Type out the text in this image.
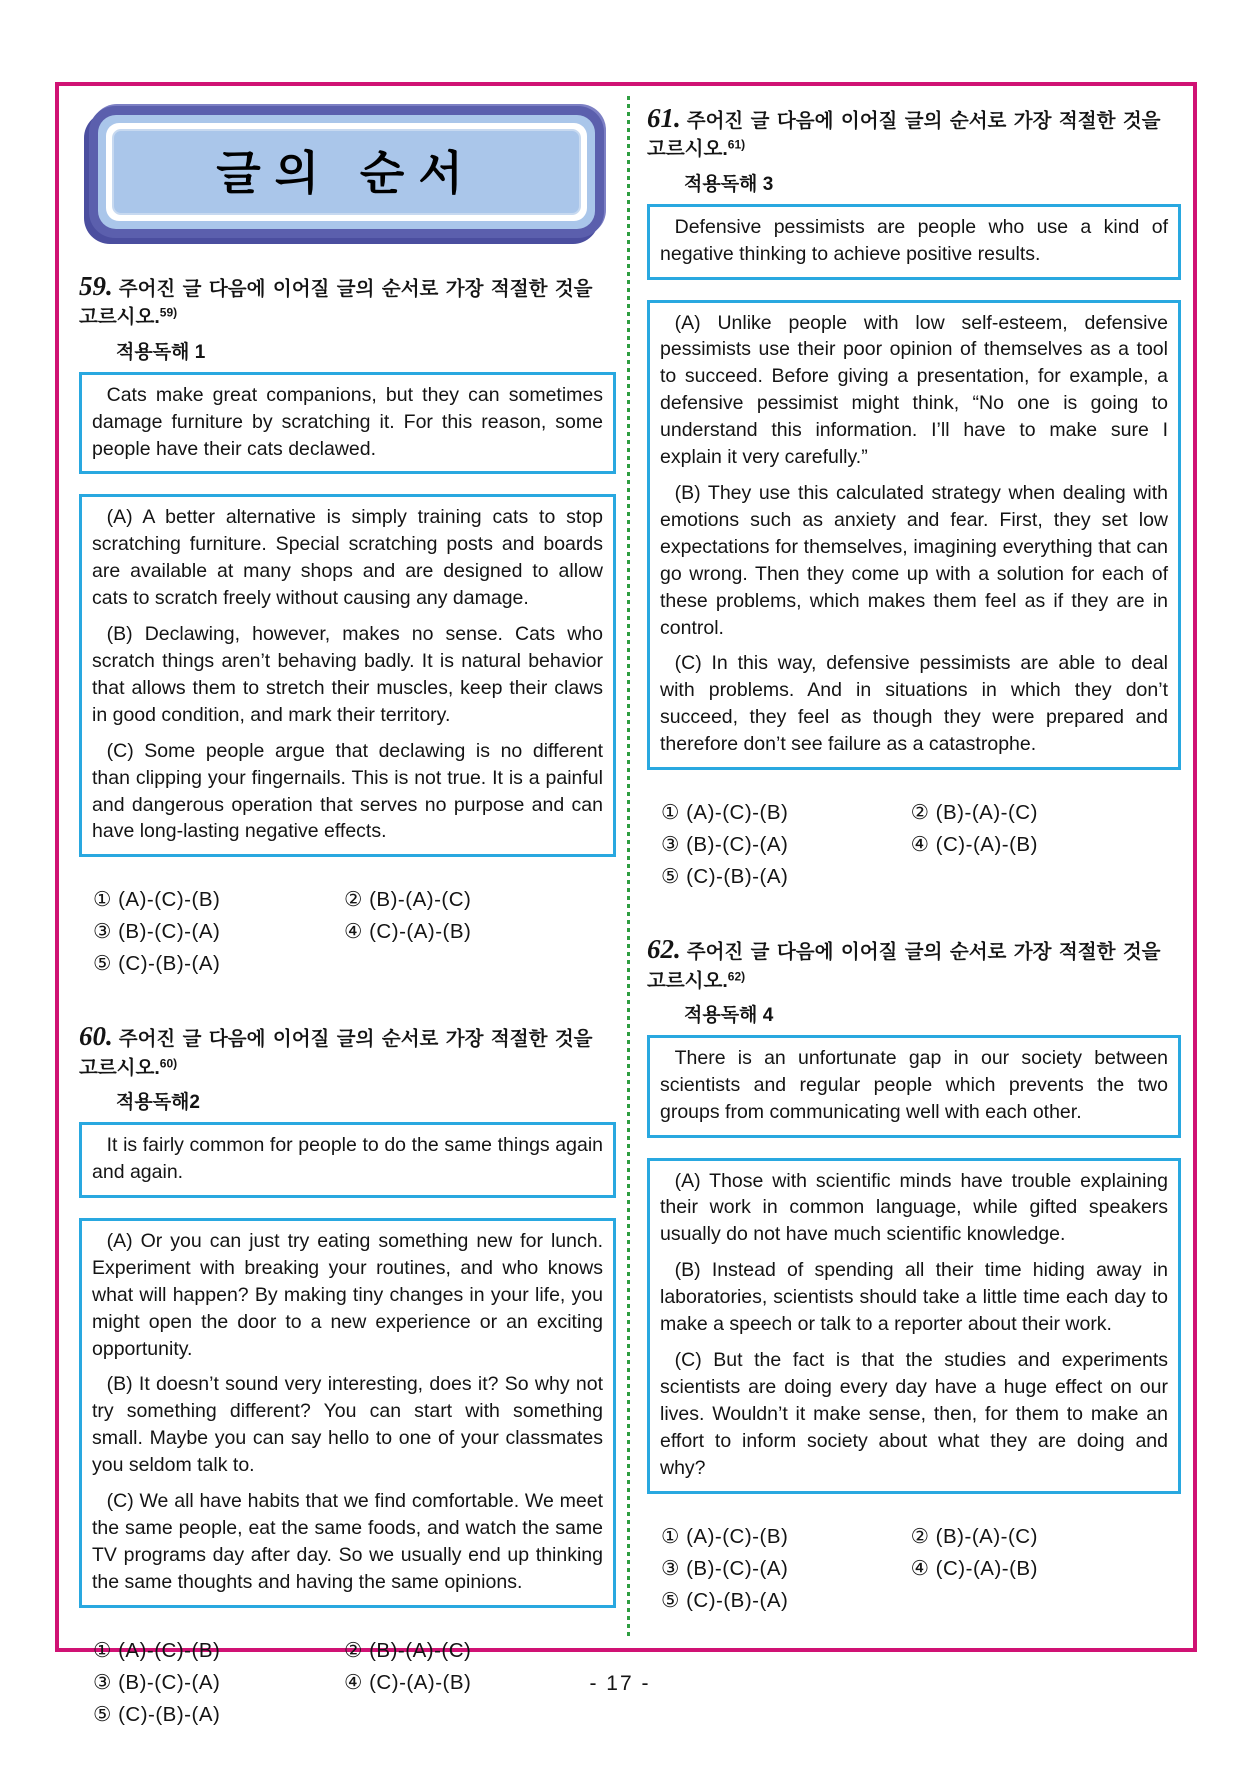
글의 순서
59. 주어진 글 다음에 이어질 글의 순서로 가장 적절한 것을 고르시오.$^{59)}$
적용독해 1

Cats make great companions, but they can sometimes damage furniture by scratching it. For this reason, some people have their cats declawed.

(A) A better alternative is simply training cats to stop scratching furniture. Special scratching posts and boards are available at many shops and are designed to allow cats to scratch freely without causing any damage.

(B) Declawing, however, makes no sense. Cats who scratch things aren’t behaving badly. It is natural behavior that allows them to stretch their muscles, keep their claws in good condition, and mark their territory.

(C) Some people argue that declawing is no different than clipping your fingernails. This is not true. It is a painful and dangerous operation that serves no purpose and can have long-lasting negative effects.

① (A)-(C)-(B)	② (B)-(A)-(C)
③ (B)-(C)-(A)	④ (C)-(A)-(B)
⑤ (C)-(B)-(A)
60. 주어진 글 다음에 이어질 글의 순서로 가장 적절한 것을 고르시오.$^{60)}$
적용독해2

It is fairly common for people to do the same things again and again.

(A) Or you can just try eating something new for lunch. Experiment with breaking your routines, and who knows what will happen? By making tiny changes in your life, you might open the door to a new experience or an exciting opportunity.

(B) It doesn’t sound very interesting, does it? So why not try something different? You can start with something small. Maybe you can say hello to one of your classmates you seldom talk to.

(C) We all have habits that we find comfortable. We meet the same people, eat the same foods, and watch the same TV programs day after day. So we usually end up thinking the same thoughts and having the same opinions.

① (A)-(C)-(B)	② (B)-(A)-(C)
③ (B)-(C)-(A)	④ (C)-(A)-(B)
⑤ (C)-(B)-(A)
61. 주어진 글 다음에 이어질 글의 순서로 가장 적절한 것을 고르시오.$^{61)}$
적용독해 3

Defensive pessimists are people who use a kind of negative thinking to achieve positive results.

(A) Unlike people with low self-esteem, defensive pessimists use their poor opinion of themselves as a tool to succeed. Before giving a presentation, for example, a defensive pessimist might think, “No one is going to understand this information. I’ll have to make sure I explain it very carefully.”

(B) They use this calculated strategy when dealing with emotions such as anxiety and fear. First, they set low expectations for themselves, imagining everything that can go wrong. Then they come up with a solution for each of these problems, which makes them feel as if they are in control.

(C) In this way, defensive pessimists are able to deal with problems. And in situations in which they don’t succeed, they feel as though they were prepared and therefore don’t see failure as a catastrophe.

① (A)-(C)-(B)	② (B)-(A)-(C)
③ (B)-(C)-(A)	④ (C)-(A)-(B)
⑤ (C)-(B)-(A)
62. 주어진 글 다음에 이어질 글의 순서로 가장 적절한 것을 고르시오.$^{62)}$
적용독해 4

There is an unfortunate gap in our society between scientists and regular people which prevents the two groups from communicating well with each other.

(A) Those with scientific minds have trouble explaining their work in common language, while gifted speakers usually do not have much scientific knowledge.

(B) Instead of spending all their time hiding away in laboratories, scientists should take a little time each day to make a speech or talk to a reporter about their work.

(C) But the fact is that the studies and experiments scientists are doing every day have a huge effect on our lives. Wouldn’t it make sense, then, for them to make an effort to inform society about what they are doing and why?

① (A)-(C)-(B)	② (B)-(A)-(C)
③ (B)-(C)-(A)	④ (C)-(A)-(B)
⑤ (C)-(B)-(A)
- 17 -
